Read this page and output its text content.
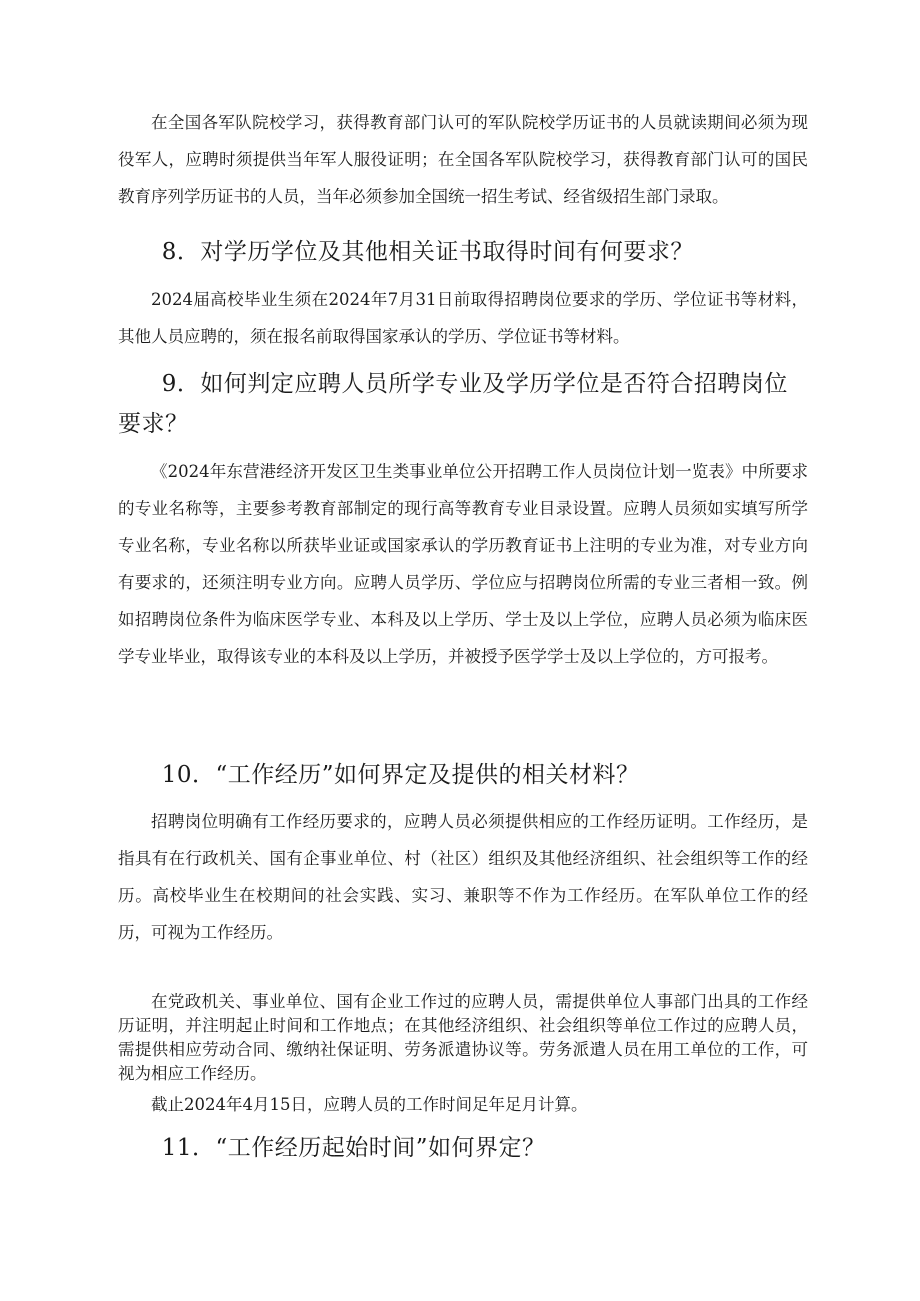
在全国各军队院校学习，获得教育部门认可的军队院校学历证书的人员就读期间必须为现役军人，应聘时须提供当年军人服役证明；在全国各军队院校学习，获得教育部门认可的国民教育序列学历证书的人员，当年必须参加全国统一招生考试、经省级招生部门录取。

8．对学历学位及其他相关证书取得时间有何要求？

2024届高校毕业生须在2024年7月31日前取得招聘岗位要求的学历、学位证书等材料，其他人员应聘的，须在报名前取得国家承认的学历、学位证书等材料。

9．如何判定应聘人员所学专业及学历学位是否符合招聘岗位要求？

《2024年东营港经济开发区卫生类事业单位公开招聘工作人员岗位计划一览表》中所要求的专业名称等，主要参考教育部制定的现行高等教育专业目录设置。应聘人员须如实填写所学专业名称，专业名称以所获毕业证或国家承认的学历教育证书上注明的专业为准，对专业方向有要求的，还须注明专业方向。应聘人员学历、学位应与招聘岗位所需的专业三者相一致。例如招聘岗位条件为临床医学专业、本科及以上学历、学士及以上学位，应聘人员必须为临床医学专业毕业，取得该专业的本科及以上学历，并被授予医学学士及以上学位的，方可报考。

10．“工作经历”如何界定及提供的相关材料？

招聘岗位明确有工作经历要求的，应聘人员必须提供相应的工作经历证明。工作经历，是指具有在行政机关、国有企事业单位、村（社区）组织及其他经济组织、社会组织等工作的经历。高校毕业生在校期间的社会实践、实习、兼职等不作为工作经历。在军队单位工作的经历，可视为工作经历。

在党政机关、事业单位、国有企业工作过的应聘人员，需提供单位人事部门出具的工作经历证明，并注明起止时间和工作地点；在其他经济组织、社会组织等单位工作过的应聘人员，需提供相应劳动合同、缴纳社保证明、劳务派遣协议等。劳务派遣人员在用工单位的工作，可视为相应工作经历。

截止2024年4月15日，应聘人员的工作时间足年足月计算。

11．“工作经历起始时间”如何界定？
